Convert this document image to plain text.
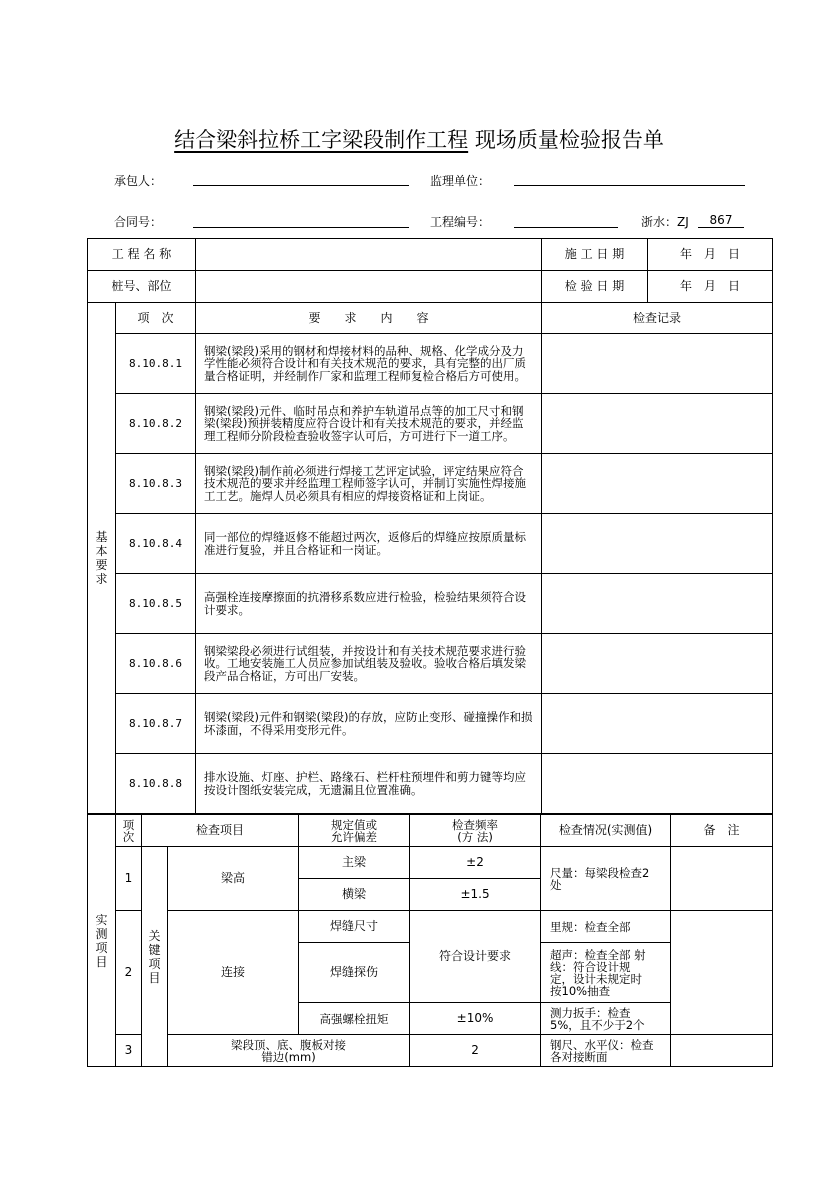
结合梁斜拉桥工字梁段制作工程 现场质量检验报告单
承包人：	监理单位：
合同号：	工程编号：	浙水：ZJ	867
工 程 名 称			施 工 日 期	年　月　日
桩号、部位			检 验 日 期	年　月　日

基本要求	项　次	要　　求　　内　　容	检查记录	
	8.10.8.1	钢梁(梁段)采用的钢材和焊接材料的品种、规格、化学成分及力学性能必须符合设计和有关技术规范的要求，具有完整的出厂质量合格证明，并经制作厂家和监理工程师复检合格后方可使用。		
	8.10.8.2	钢梁(梁段)元件、临时吊点和养护车轨道吊点等的加工尺寸和钢梁(梁段)预拼装精度应符合设计和有关技术规范的要求，并经监理工程师分阶段检查验收签字认可后，方可进行下一道工序。		
	8.10.8.3	钢梁(梁段)制作前必须进行焊接工艺评定试验，评定结果应符合技术规范的要求并经监理工程师签字认可，并制订实施性焊接施工工艺。施焊人员必须具有相应的焊接资格证和上岗证。		
	8.10.8.4	同一部位的焊缝返修不能超过两次，返修后的焊缝应按原质量标准进行复验，并且合格证和一岗证。		
	8.10.8.5	高强栓连接摩擦面的抗滑移系数应进行检验，检验结果须符合设计要求。		
	8.10.8.6	钢梁梁段必须进行试组装，并按设计和有关技术规范要求进行验收。工地安装施工人员应参加试组装及验收。验收合格后填发梁段产品合格证，方可出厂安装。		
	8.10.8.7	钢梁(梁段)元件和钢梁(梁段)的存放，应防止变形、碰撞操作和损坏漆面，不得采用变形元件。		
	8.10.8.8	排水设施、灯座、护栏、路缘石、栏杆柱预埋件和剪力键等均应按设计图纸安装完成，无遗漏且位置准确。		
实测项目	项次	检查项目		规定值或允许偏差	检查频率(方 法)	检查情况(实测值)	备　注	
	1	关键项目	梁高	主梁	±2	尺量：每梁段检查2处		

				横梁	±1.5			
	2		连接	焊缝尺寸	符合设计要求	里规：检查全部		
				焊缝探伤		超声：检查全部 射线：符合设计规定，设计未规定时按10%抽查		

				高强螺栓扭矩	±10%	测力扳手：检查5%，且不少于2个		

	3		梁段顶、底、腹板对接错边(mm)		2	钢尺、水平仪：检查各对接断面		
